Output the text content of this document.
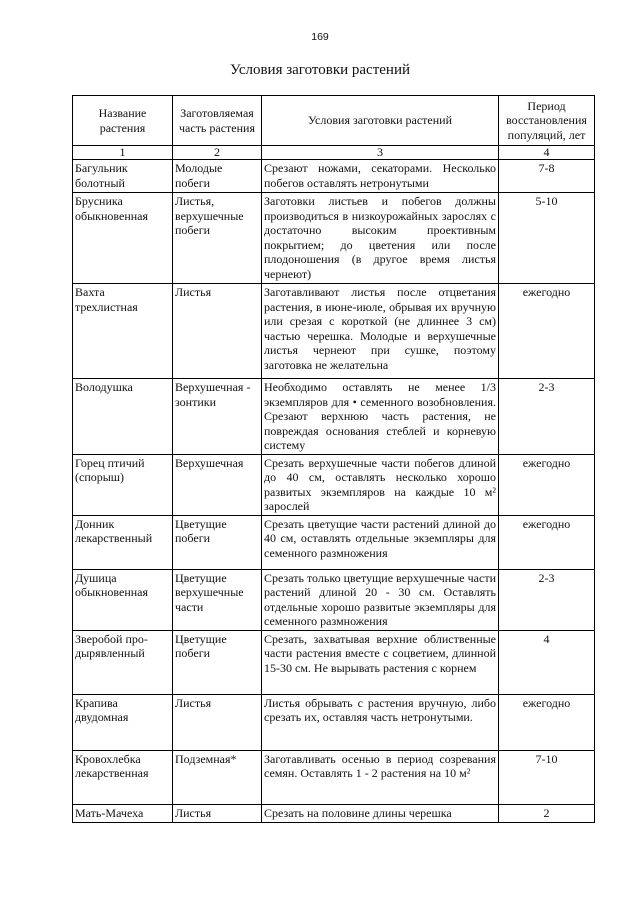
169
Условия заготовки растений
Название растения	Заготовляемая часть растения	Условия заготовки растений	Период восстановления популяций, лет
1	2	3	4
Багульник болотный	Молодые побеги	Срезают ножами, секаторами. Несколько побегов оставлять нетронутыми	7-8
Брусника обыкновенная	Листья, верхушечные побеги	Заготовки листьев и побегов должны производиться в низкоурожайных зарослях с достаточно высоким проективным покрытием; до цветения или после плодоношения (в другое время листья чернеют)	5-10
Вахта трехлистная	Листья	Заготавливают листья после отцветания растения, в июне-июле, обрывая их вручную или срезая с короткой (не длиннее 3 см) частью черешка. Молодые и верхушечные листья чернеют при сушке, поэтому заготовка не желательна	ежегодно
Володушка	Верхушечная - зонтики	Необходимо оставлять не менее 1/3 экземпляров для • семенного возобновления. Срезают верхнюю часть растения, не повреждая основания стеблей и корневую систему	2-3
Горец птичий (спорыш)	Верхушечная	Срезать верхушечные части побегов длиной до 40 см, оставлять несколько хорошо развитых экземпляров на каждые 10 м² зарослей	ежегодно
Донник лекарственный	Цветущие побеги	Срезать цветущие части растений длиной до 40 см, оставлять отдельные экземпляры для семенного размножения	ежегодно
Душица обыкновенная	Цветущие верхушечные части	Срезать только цветущие верхушечные части растений длиной 20 - 30 см. Оставлять отдельные хорошо развитые экземпляры для семенного размножения	2-3
Зверобой про-дырявленный	Цветущие побеги	Срезать, захватывая верхние облиственные части растения вместе с соцветием, длинной 15-30 см. Не вырывать растения с корнем	4
Крапива двудомная	Листья	Листья обрывать с растения вручную, либо срезать их, оставляя часть нетронутыми.	ежегодно
Кровохлебка лекарственная	Подземная*	Заготавливать осенью в период созревания семян. Оставлять 1 - 2 растения на 10 м²	7-10
Мать-Мачеха	Листья	Срезать на половине длины черешка	2
